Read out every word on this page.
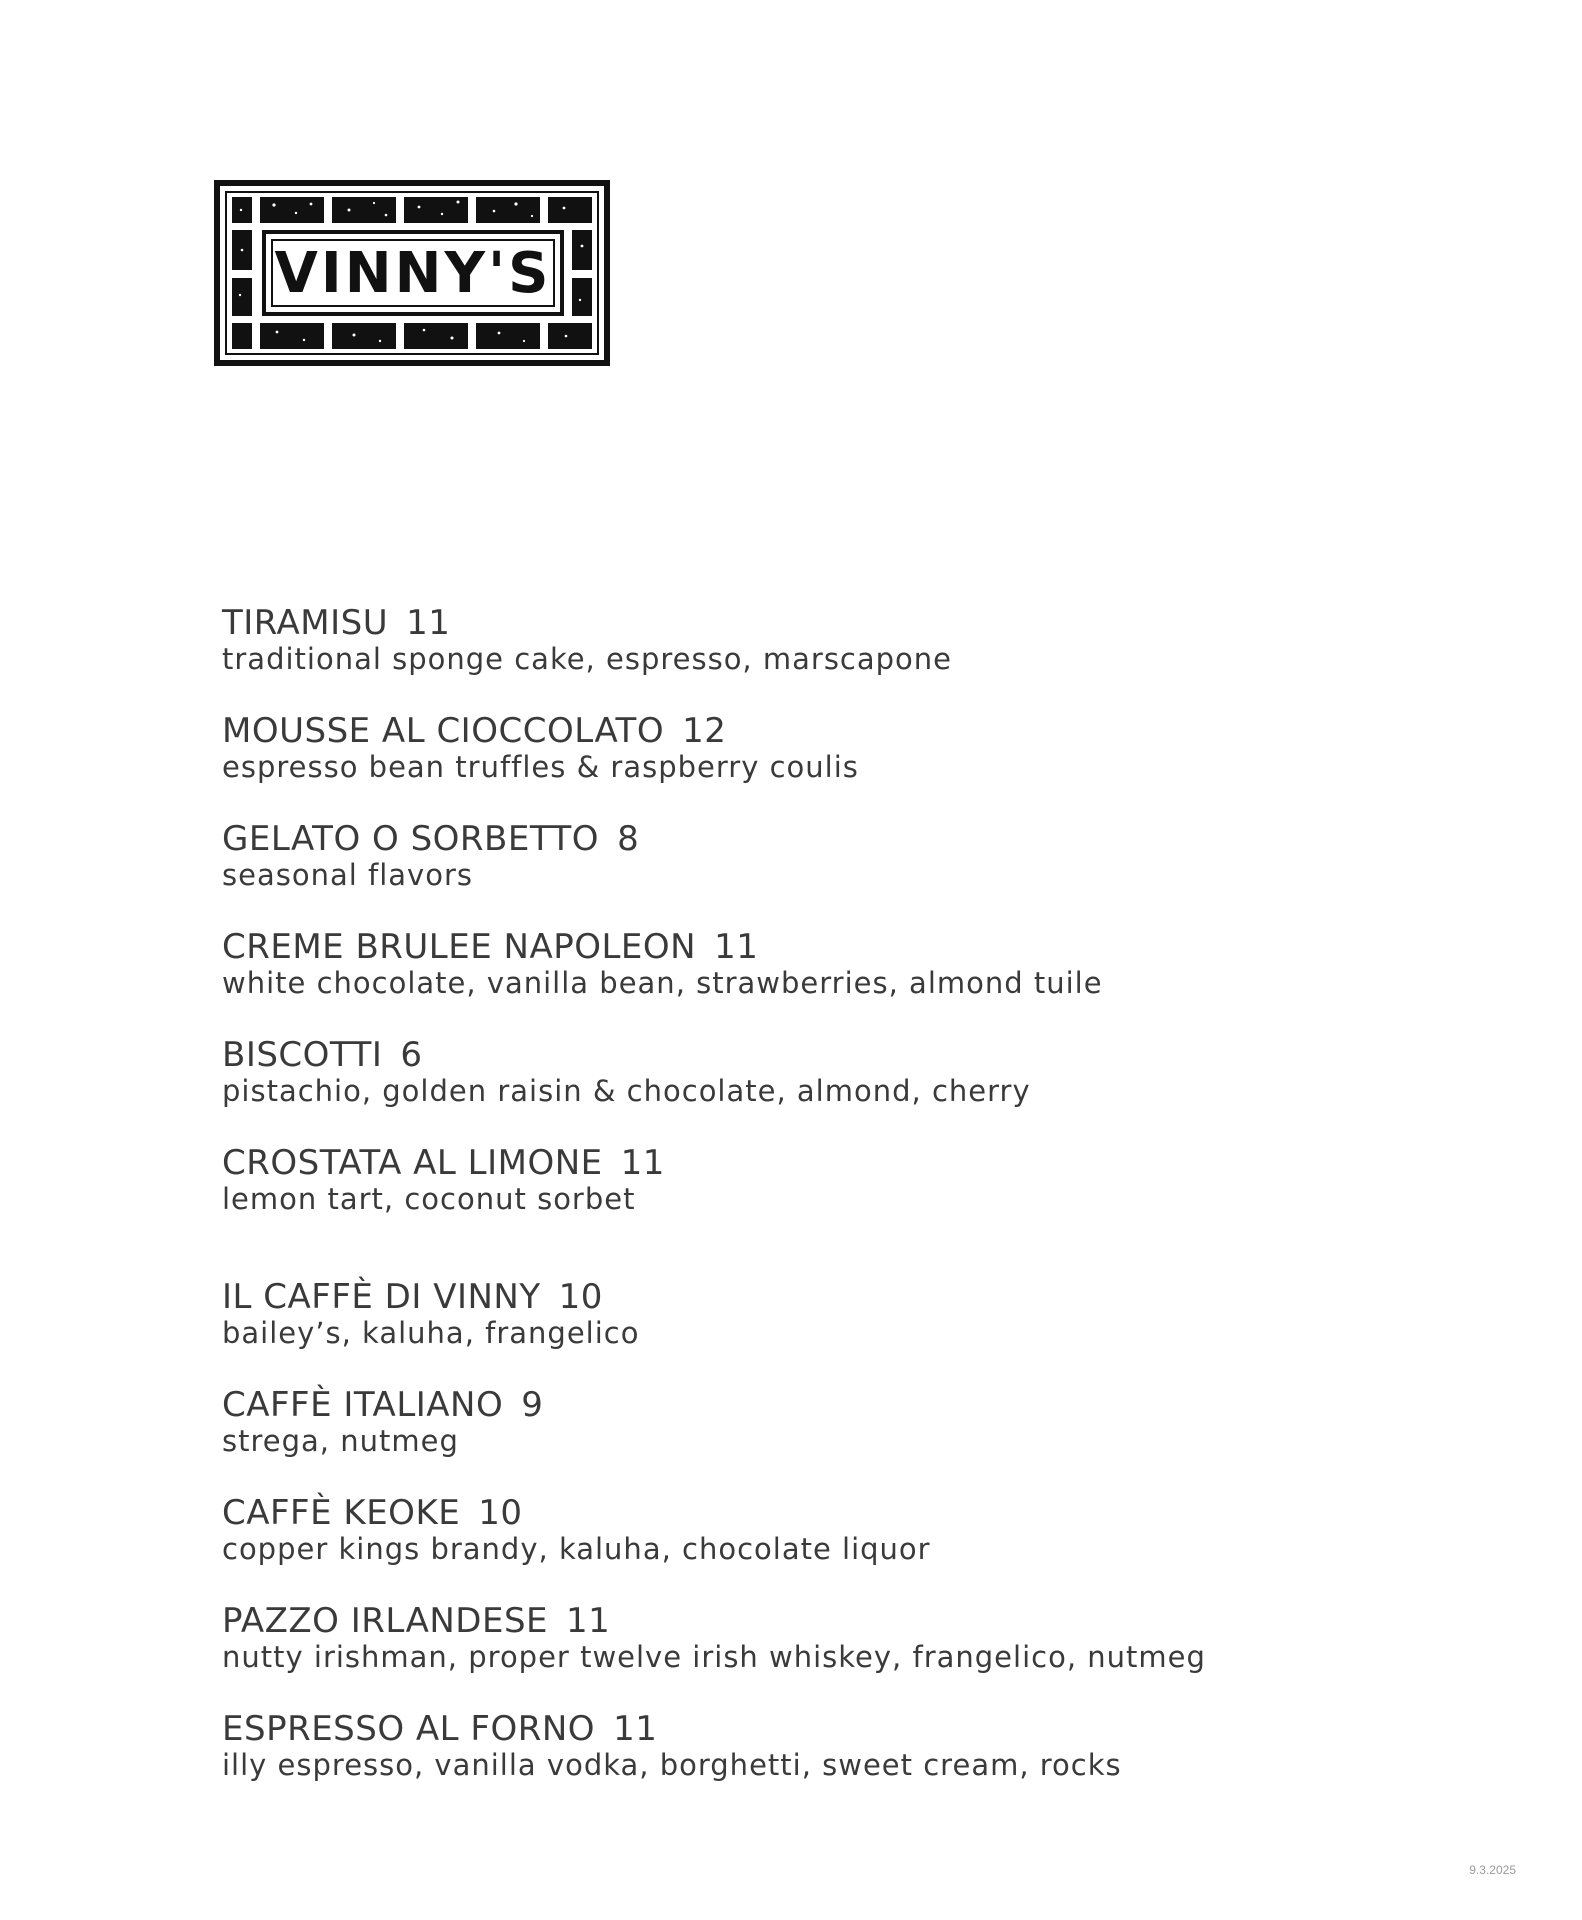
VINNY'S
TIRAMISU 11
traditional sponge cake, espresso, marscapone
MOUSSE AL CIOCCOLATO 12
espresso bean truffles & raspberry coulis
GELATO O SORBETTO 8
seasonal flavors
CREME BRULEE NAPOLEON 11
white chocolate, vanilla bean, strawberries, almond tuile
BISCOTTI 6
pistachio, golden raisin & chocolate, almond, cherry
CROSTATA AL LIMONE 11
lemon tart, coconut sorbet
IL CAFFÈ DI VINNY 10
bailey’s, kaluha, frangelico
CAFFÈ ITALIANO 9
strega, nutmeg
CAFFÈ KEOKE 10
copper kings brandy, kaluha, chocolate liquor
PAZZO IRLANDESE 11
nutty irishman, proper twelve irish whiskey, frangelico, nutmeg
ESPRESSO AL FORNO 11
illy espresso, vanilla vodka, borghetti, sweet cream, rocks
9.3.2025
